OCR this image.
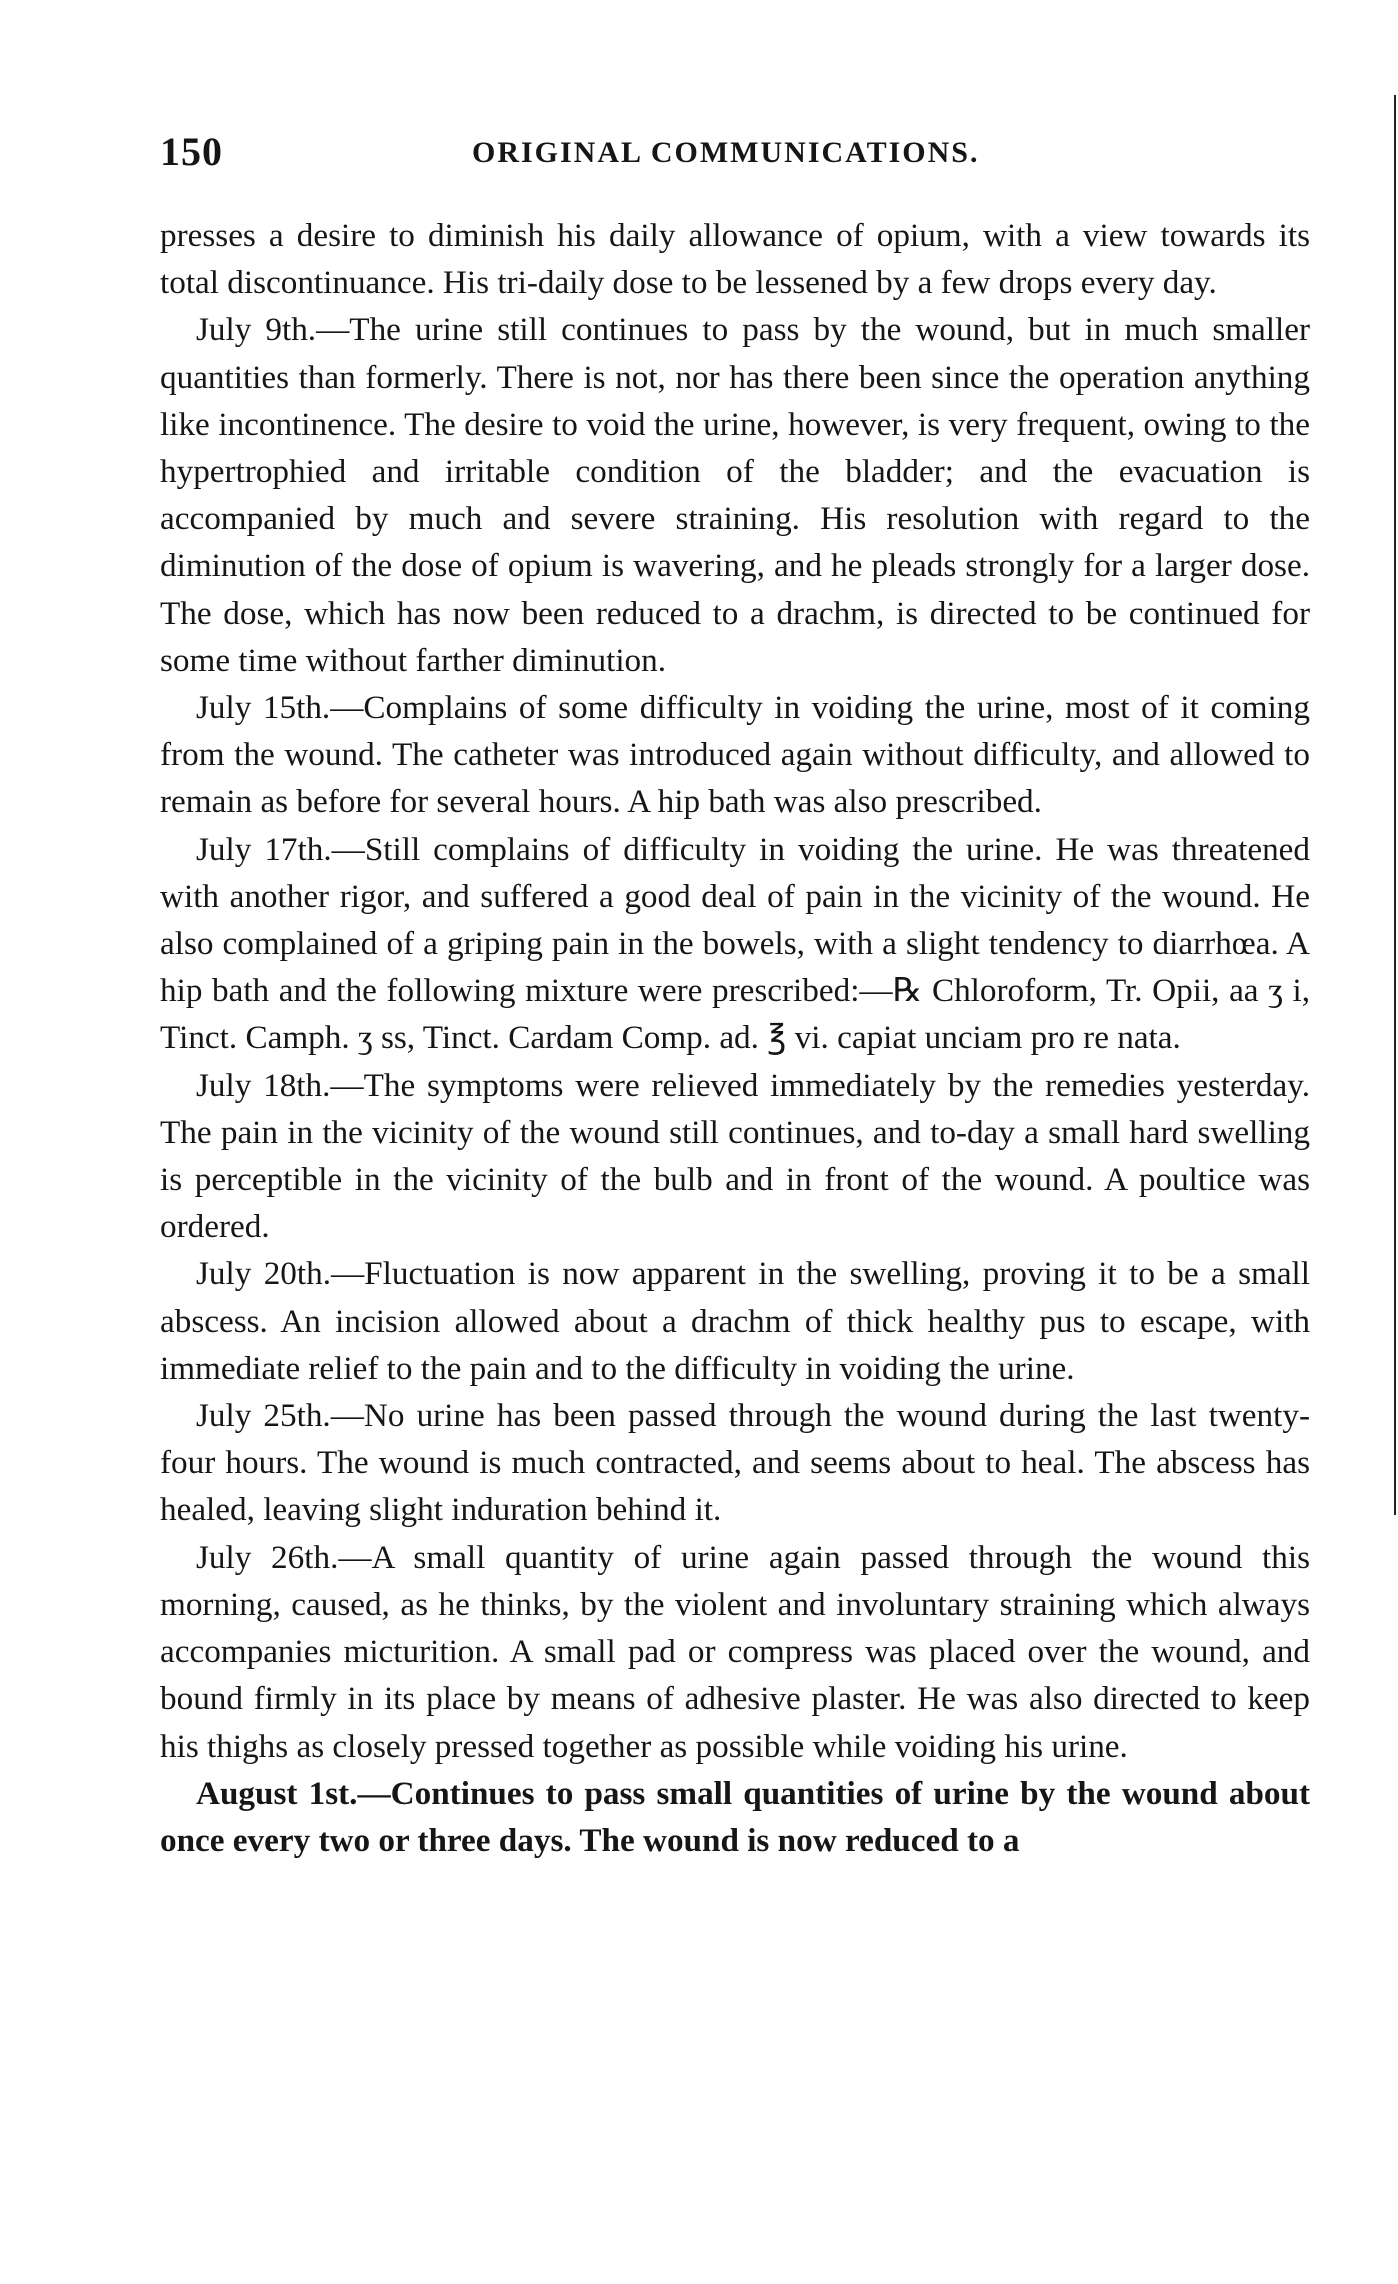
150	ORIGINAL COMMUNICATIONS.

presses a desire to diminish his daily allowance of opium, with a view towards its total discontinuance. His tri-daily dose to be lessened by a few drops every day.

July 9th.—The urine still continues to pass by the wound, but in much smaller quantities than formerly. There is not, nor has there been since the operation anything like incontinence. The desire to void the urine, however, is very frequent, owing to the hypertrophied and irritable condition of the bladder; and the evacuation is accompanied by much and severe straining. His resolution with regard to the diminution of the dose of opium is wavering, and he pleads strongly for a larger dose. The dose, which has now been reduced to a drachm, is directed to be continued for some time without farther diminution.

July 15th.—Complains of some difficulty in voiding the urine, most of it coming from the wound. The catheter was introduced again without difficulty, and allowed to remain as before for several hours. A hip bath was also prescribed.

July 17th.—Still complains of difficulty in voiding the urine. He was threatened with another rigor, and suffered a good deal of pain in the vicinity of the wound. He also complained of a griping pain in the bowels, with a slight tendency to diarrhœa. A hip bath and the following mixture were prescribed:—℞ Chloroform, Tr. Opii, aa ʒ i, Tinct. Camph. ʒ ss, Tinct. Cardam Comp. ad. ℥ vi. capiat unciam pro re nata.

July 18th.—The symptoms were relieved immediately by the remedies yesterday. The pain in the vicinity of the wound still continues, and to-day a small hard swelling is perceptible in the vicinity of the bulb and in front of the wound. A poultice was ordered.

July 20th.—Fluctuation is now apparent in the swelling, proving it to be a small abscess. An incision allowed about a drachm of thick healthy pus to escape, with immediate relief to the pain and to the difficulty in voiding the urine.

July 25th.—No urine has been passed through the wound during the last twenty-four hours. The wound is much contracted, and seems about to heal. The abscess has healed, leaving slight induration behind it.

July 26th.—A small quantity of urine again passed through the wound this morning, caused, as he thinks, by the violent and involuntary straining which always accompanies micturition. A small pad or compress was placed over the wound, and bound firmly in its place by means of adhesive plaster. He was also directed to keep his thighs as closely pressed together as possible while voiding his urine.

August 1st.—Continues to pass small quantities of urine by the wound about once every two or three days. The wound is now reduced to a
